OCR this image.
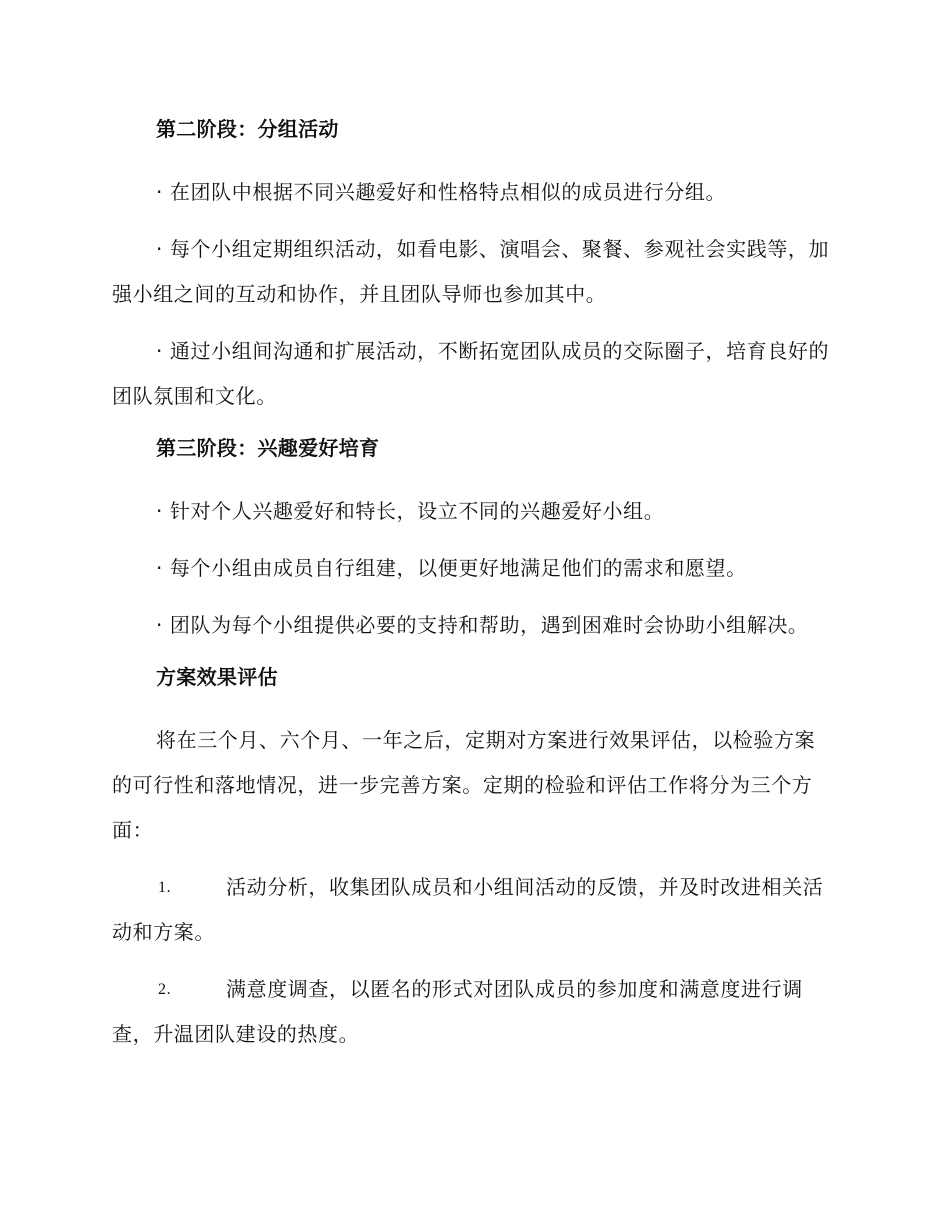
第二阶段：分组活动

· 在团队中根据不同兴趣爱好和性格特点相似的成员进行分组。

· 每个小组定期组织活动，如看电影、演唱会、聚餐、参观社会实践等，加强小组之间的互动和协作，并且团队导师也参加其中。

· 通过小组间沟通和扩展活动，不断拓宽团队成员的交际圈子，培育良好的团队氛围和文化。

第三阶段：兴趣爱好培育

· 针对个人兴趣爱好和特长，设立不同的兴趣爱好小组。

· 每个小组由成员自行组建，以便更好地满足他们的需求和愿望。

· 团队为每个小组提供必要的支持和帮助，遇到困难时会协助小组解决。

方案效果评估

将在三个月、六个月、一年之后，定期对方案进行效果评估，以检验方案的可行性和落地情况，进一步完善方案。定期的检验和评估工作将分为三个方面：

1.	活动分析，收集团队成员和小组间活动的反馈，并及时改进相关活动和方案。

2.	满意度调查，以匿名的形式对团队成员的参加度和满意度进行调查，升温团队建设的热度。
